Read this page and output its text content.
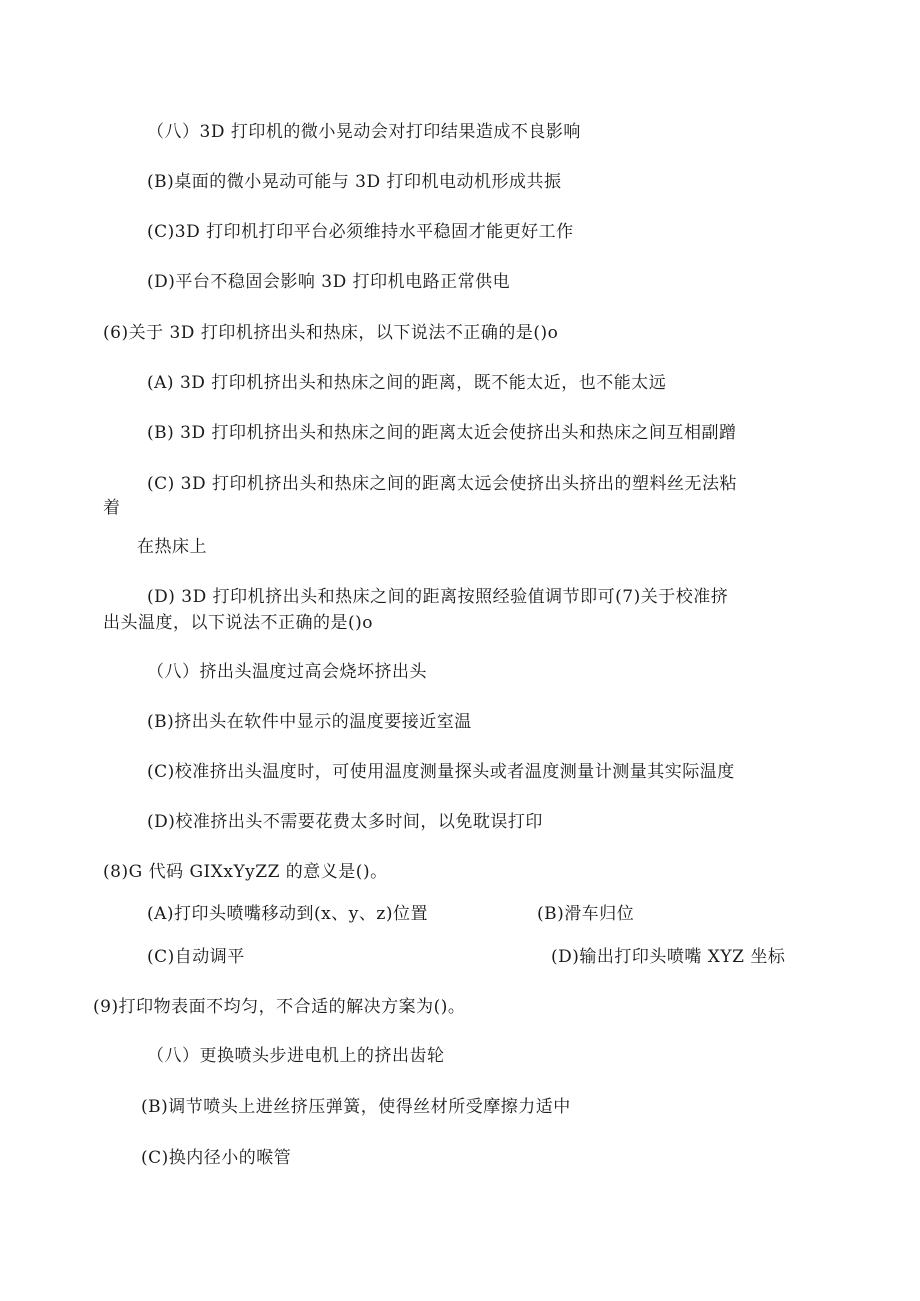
（八）3D 打印机的微小晃动会对打印结果造成不良影响
(B)桌面的微小晃动可能与 3D 打印机电动机形成共振
(C)3D 打印机打印平台必须维持水平稳固才能更好工作
(D)平台不稳固会影响 3D 打印机电路正常供电
(6)关于 3D 打印机挤出头和热床，以下说法不正确的是()o
(A) 3D 打印机挤出头和热床之间的距离，既不能太近，也不能太远
(B) 3D 打印机挤出头和热床之间的距离太近会使挤出头和热床之间互相副蹭
(C) 3D 打印机挤出头和热床之间的距离太远会使挤出头挤出的塑料丝无法粘
着
在热床上
(D) 3D 打印机挤出头和热床之间的距离按照经验值调节即可(7)关于校准挤
出头温度，以下说法不正确的是()o
（八）挤出头温度过高会烧坏挤出头
(B)挤出头在软件中显示的温度要接近室温
(C)校准挤出头温度时，可使用温度测量探头或者温度测量计测量其实际温度
(D)校准挤出头不需要花费太多时间，以免耽误打印
(8)G 代码 GIXxYyZZ 的意义是()。
(A)打印头喷嘴移动到(x、y、z)位置	(B)滑车归位
(C)自动调平	(D)输出打印头喷嘴 XYZ 坐标
(9)打印物表面不均匀，不合适的解决方案为()。
（八）更换喷头步进电机上的挤出齿轮
(B)调节喷头上进丝挤压弹簧，使得丝材所受摩擦力适中
(C)换内径小的喉管
